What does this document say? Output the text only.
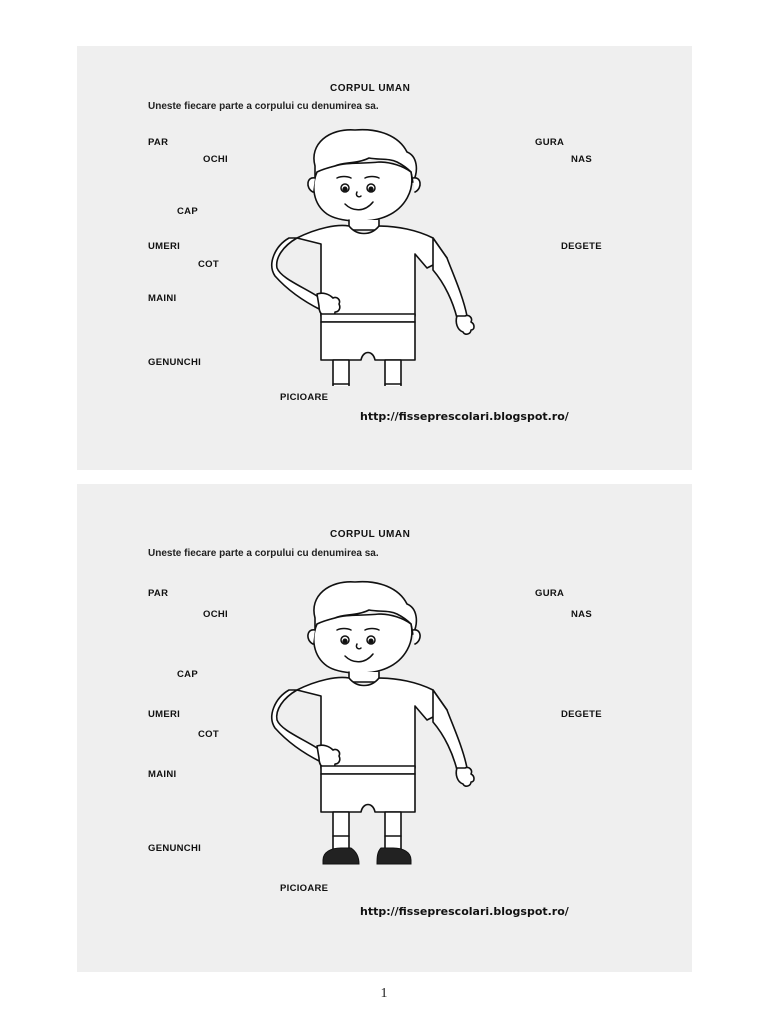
CORPUL UMAN
Uneste fiecare parte a corpului cu denumirea sa.
PAR
OCHI
CAP
UMERI
COT
MAINI
GENUNCHI
PICIOARE
GURA
NAS
DEGETE
http://fisseprescolari.blogspot.ro/
CORPUL UMAN
Uneste fiecare parte a corpului cu denumirea sa.
PAR
OCHI
CAP
UMERI
COT
MAINI
GENUNCHI
PICIOARE
GURA
NAS
DEGETE
http://fisseprescolari.blogspot.ro/
1
